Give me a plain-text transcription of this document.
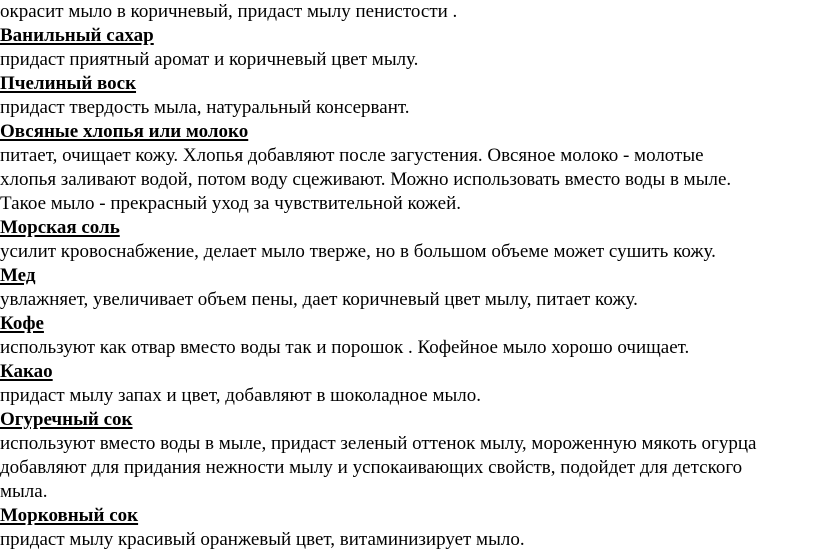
окрасит мыло в коричневый, придаст мылу пенистости .
Ванильный сахар
придаст приятный аромат и коричневый цвет мылу.
Пчелиный воск
придаст твердость мыла, натуральный консервант.
Овсяные хлопья или молоко
питает, очищает кожу. Хлопья добавляют после загустения. Овсяное молоко - молотые
хлопья заливают водой, потом воду сцеживают. Можно использовать вместо воды в мыле.
Такое мыло - прекрасный уход за чувствительной кожей.
Морская соль
усилит кровоснабжение, делает мыло тверже, но в большом объеме может сушить кожу.
Мед
увлажняет, увеличивает объем пены, дает коричневый цвет мылу, питает кожу.
Кофе
используют как отвар вместо воды так и порошок . Кофейное мыло хорошо очищает.
Какао
придаст мылу запах и цвет, добавляют в шоколадное мыло.
Огуречный сок
используют вместо воды в мыле, придаст зеленый оттенок мылу, мороженную мякоть огурца
добавляют для придания нежности мылу и успокаивающих свойств, подойдет для детского
мыла.
Морковный сок
придаст мылу красивый оранжевый цвет, витаминизирует мыло.
